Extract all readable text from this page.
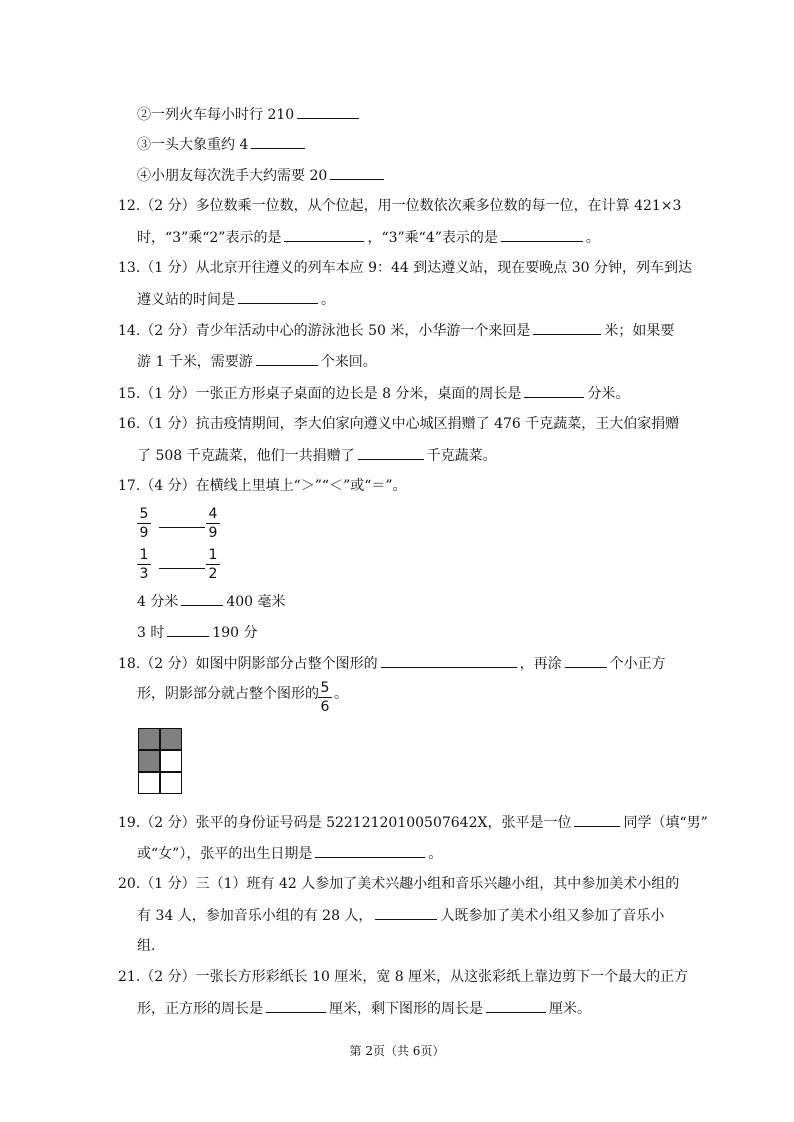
②一列火车每小时行 210
③一头大象重约 4
④小朋友每次洗手大约需要 20
12.（2 分）多位数乘一位数，从个位起，用一位数依次乘多位数的每一位，在计算 421×3
时，“3”乘“2”表示的是	，“3”乘“4”表示的是	。
13.（1 分）从北京开往遵义的列车本应 9：44 到达遵义站，现在要晚点 30 分钟，列车到达
遵义站的时间是	。
14.（2 分）青少年活动中心的游泳池长 50 米，小华游一个来回是	米；如果要
游 1 千米，需要游	个来回。
15.（1 分）一张正方形桌子桌面的边长是 8 分米，桌面的周长是	分米。
16.（1 分）抗击疫情期间，李大伯家向遵义中心城区捐赠了 476 千克蔬菜，王大伯家捐赠
了 508 千克蔬菜，他们一共捐赠了	千克蔬菜。
17.（4 分）在横线上里填上“＞”“＜”或“＝”。
5
9
4
9
1
3
1
2
4 分米	400 毫米
3 时	190 分
18.（2 分）如图中阴影部分占整个图形的	，再涂	个小正方
形，阴影部分就占整个图形的 5
6
。
19.（2 分）张平的身份证号码是 52212120100507642X，张平是一位	同学（填“男”
或“女”），张平的出生日期是	。
20.（1 分）三（1）班有 42 人参加了美术兴趣小组和音乐兴趣小组，其中参加美术小组的
有 34 人，参加音乐小组的有 28 人，	人既参加了美术小组又参加了音乐小
组.
21.（2 分）一张长方形彩纸长 10 厘米，宽 8 厘米，从这张彩纸上靠边剪下一个最大的正方
形，正方形的周长是	厘米，剩下图形的周长是	厘米。
第 2页（共 6页）
